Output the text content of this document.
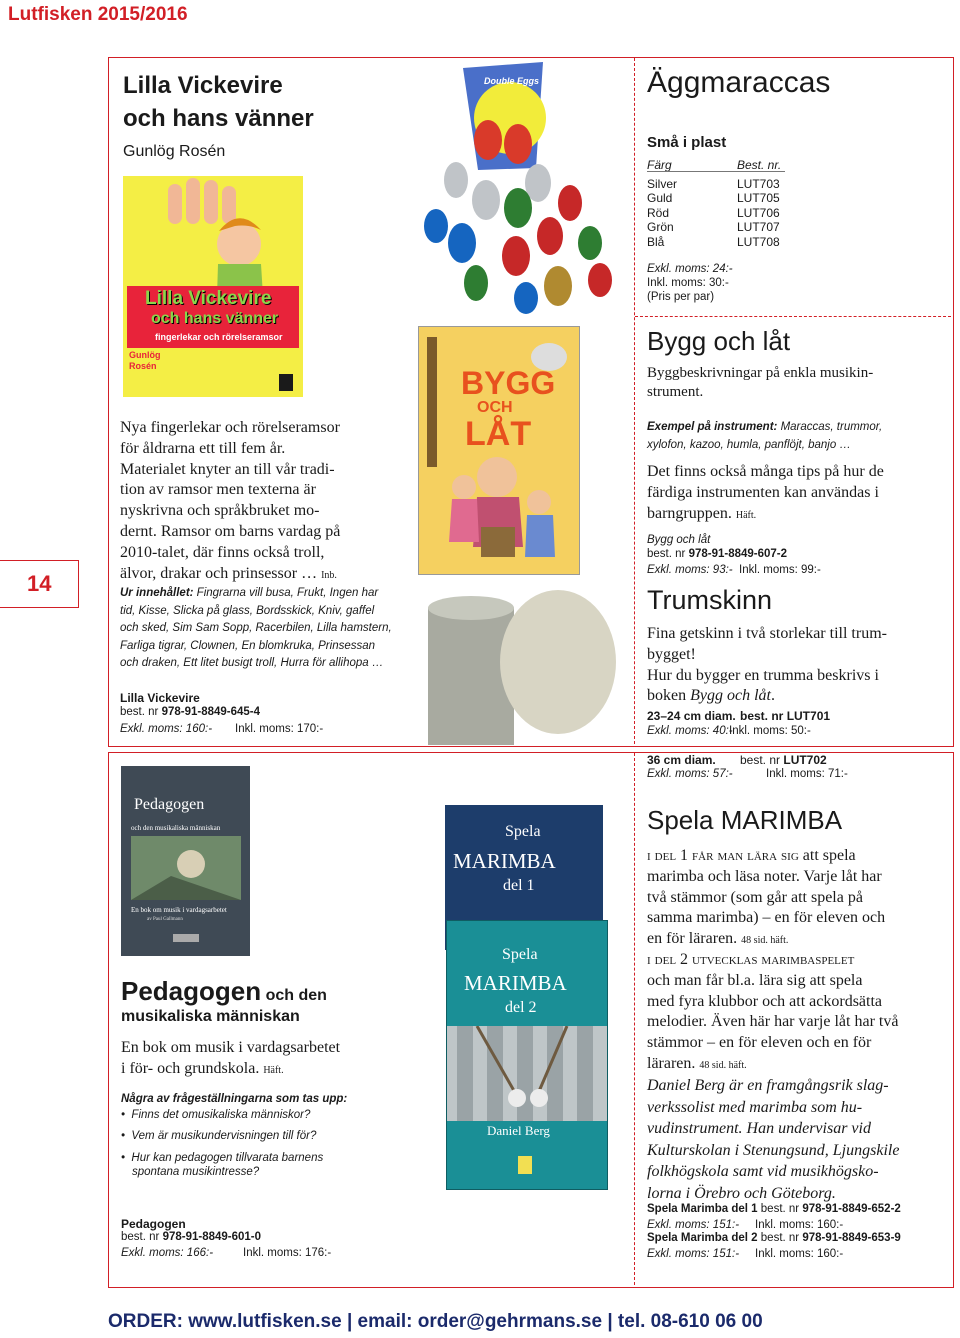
Lutfisken 2015/2016
14
Lilla Vickevire
och hans vänner
Gunlög Rosén
Lilla Vickevire
och hans vänner
fingerlekar och rörelseramsor
Gunlög
Rosén
Nya fingerlekar och rörelseramsor
för åldrarna ett till fem år.
Materialet knyter an till vår tradi-
tion av ramsor men texterna är
nyskrivna och språkbruket mo-
dernt. Ramsor om barns vardag på
2010-talet, där finns också troll,
älvor, drakar och prinsessor … Inb.
Ur innehållet: Fingrarna vill busa, Frukt, Ingen har tid, Kisse, Slicka på glass, Bordsskick, Kniv, gaffel och sked, Sim Sam Sopp, Racerbilen, Lilla hamstern, Farliga tigrar, Clownen, En blomkruka, Prinsessan och draken, Ett litet busigt troll, Hurra för allihopa …
Lilla Vickevire
best. nr 978-91-8849-645-4
Exkl. moms: 160:- Inkl. moms: 170:-
Double Eggs	Äggmaraccas
Små i plast
Färg	Best. nr.
Silver	LUT703
Guld	LUT705
Röd	LUT706
Grön	LUT707
Blå	LUT708
Exkl. moms: 24:-
Inkl. moms: 30:-
(Pris per par)
BYGG
OCH
LÅT
Bygg och låt
Byggbeskrivningar på enkla musikin-
strument.
Exempel på instrument: Maraccas, trummor,
xylofon, kazoo, humla, panflöjt, banjo …
Det finns också många tips på hur de
färdiga instrumenten kan användas i
barngruppen. Häft.
Bygg och låt
best. nr 978-91-8849-607-2
Exkl. moms: 93:- Inkl. moms: 99:-
Trumskinn
Fina getskinn i två storlekar till trum-
bygget!
Hur du bygger en trumma beskrivs i
boken Bygg och låt.
23–24 cm diam. best. nr LUT701
Exkl. moms: 40:-
Inkl. moms: 50:-
36 cm diam. best. nr LUT702
Exkl. moms: 57:-	Inkl. moms: 71:-
Pedagogen
och den musikaliska människan
En bok om musik i vardagsarbetet
av Paul Gallmann
Pedagogen och den
musikaliska människan
En bok om musik i vardagsarbetet
i för- och grundskola. Häft.
Några av frågeställningarna som tas upp:
•  Finns det omusikaliska människor?
•  Vem är musikundervisningen till för?
•  Hur kan pedagogen tillvarata barnens
spontana musikintresse?
Pedagogen
best. nr 978-91-8849-601-0
Exkl. moms: 166:-	Inkl. moms: 176:-
Spela
MARIMBA
del 1
Spela
MARIMBA
del 2
Daniel Berg
Spela MARIMBA
i del 1 får man lära sig att spela
marimba och läsa noter. Varje låt har
två stämmor (som går att spela på
samma marimba) – en för eleven och
en för läraren. 48 sid. häft.
i del 2 utvecklas marimbaspelet
och man får bl.a. lära sig att spela
med fyra klubbor och att ackordsätta
melodier. Även här har varje låt har två
stämmor – en för eleven och en för
läraren. 48 sid. häft.
Daniel Berg är en framgångsrik slag-
verkssolist med marimba som hu-
vudinstrument. Han undervisar vid
Kulturskolan i Stenungsund, Ljungskile
folkhögskola samt vid musikhögsko-
lorna i Örebro och Göteborg.
Spela Marimba del 1 best. nr 978-91-8849-652-2
Exkl. moms: 151:- Inkl. moms: 160:-
Spela Marimba del 2 best. nr 978-91-8849-653-9
Exkl. moms: 151:- Inkl. moms: 160:-
ORDER: www.lutfisken.se | email: order@gehrmans.se | tel. 08-610 06 00
